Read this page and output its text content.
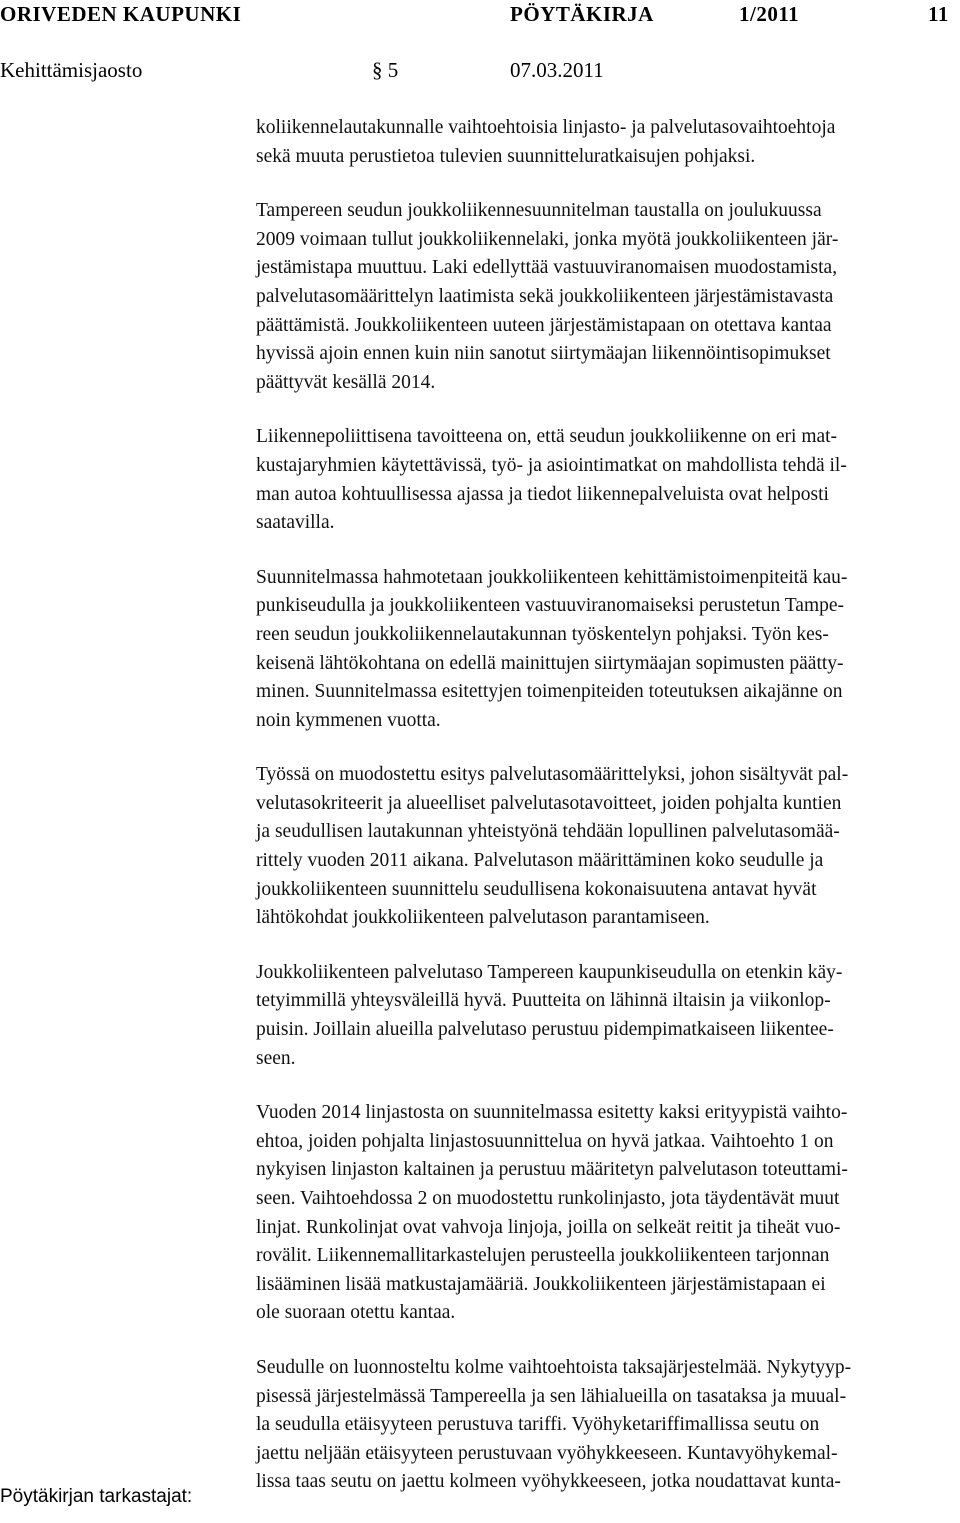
ORIVEDEN KAUPUNKI	PÖYTÄKIRJA	1/2011	11
Kehittämisjaosto	§ 5	07.03.2011
koliikennelautakunnalle vaihtoehtoisia linjasto- ja palvelutasovaihtoehtoja
sekä muuta perustietoa tulevien suunnitteluratkaisujen pohjaksi.
Tampereen seudun joukkoliikennesuunnitelman taustalla on joulukuussa
2009 voimaan tullut joukkoliikennelaki, jonka myötä joukkoliikenteen jär-
jestämistapa muuttuu. Laki edellyttää vastuuviranomaisen muodostamista,
palvelutasomäärittelyn laatimista sekä joukkoliikenteen järjestämistavasta
päättämistä. Joukkoliikenteen uuteen järjestämistapaan on otettava kantaa
hyvissä ajoin ennen kuin niin sanotut siirtymäajan liikennöintisopimukset
päättyvät kesällä 2014.
Liikennepoliittisena tavoitteena on, että seudun joukkoliikenne on eri mat-
kustajaryhmien käytettävissä, työ- ja asiointimatkat on mahdollista tehdä il-
man autoa kohtuullisessa ajassa ja tiedot liikennepalveluista ovat helposti
saatavilla.
Suunnitelmassa hahmotetaan joukkoliikenteen kehittämistoimenpiteitä kau-
punkiseudulla ja joukkoliikenteen vastuuviranomaiseksi perustetun Tampe-
reen seudun joukkoliikennelautakunnan työskentelyn pohjaksi. Työn kes-
keisenä lähtökohtana on edellä mainittujen siirtymäajan sopimusten päätty-
minen. Suunnitelmassa esitettyjen toimenpiteiden toteutuksen aikajänne on
noin kymmenen vuotta.
Työssä on muodostettu esitys palvelutasomäärittelyksi, johon sisältyvät pal-
velutasokriteerit ja alueelliset palvelutasotavoitteet, joiden pohjalta kuntien
ja seudullisen lautakunnan yhteistyönä tehdään lopullinen palvelutasomää-
rittely vuoden 2011 aikana. Palvelutason määrittäminen koko seudulle ja
joukkoliikenteen suunnittelu seudullisena kokonaisuutena antavat hyvät
lähtökohdat joukkoliikenteen palvelutason parantamiseen.
Joukkoliikenteen palvelutaso Tampereen kaupunkiseudulla on etenkin käy-
tetyimmillä yhteysväleillä hyvä. Puutteita on lähinnä iltaisin ja viikonlop-
puisin. Joillain alueilla palvelutaso perustuu pidempimatkaiseen liikentee-
seen.
Vuoden 2014 linjastosta on suunnitelmassa esitetty kaksi erityypistä vaihto-
ehtoa, joiden pohjalta linjastosuunnittelua on hyvä jatkaa. Vaihtoehto 1 on
nykyisen linjaston kaltainen ja perustuu määritetyn palvelutason toteuttami-
seen. Vaihtoehdossa 2 on muodostettu runkolinjasto, jota täydentävät muut
linjat. Runkolinjat ovat vahvoja linjoja, joilla on selkeät reitit ja tiheät vuo-
rovälit. Liikennemallitarkastelujen perusteella joukkoliikenteen tarjonnan
lisääminen lisää matkustajamääriä. Joukkoliikenteen järjestämistapaan ei
ole suoraan otettu kantaa.
Seudulle on luonnosteltu kolme vaihtoehtoista taksajärjestelmää. Nykytyyp-
pisessä järjestelmässä Tampereella ja sen lähialueilla on tasataksa ja muual-
la seudulla etäisyyteen perustuva tariffi. Vyöhyketariffimallissa seutu on
jaettu neljään etäisyyteen perustuvaan vyöhykkeeseen. Kuntavyöhykemal-
lissa taas seutu on jaettu kolmeen vyöhykkeeseen, jotka noudattavat kunta-
Pöytäkirjan tarkastajat:
